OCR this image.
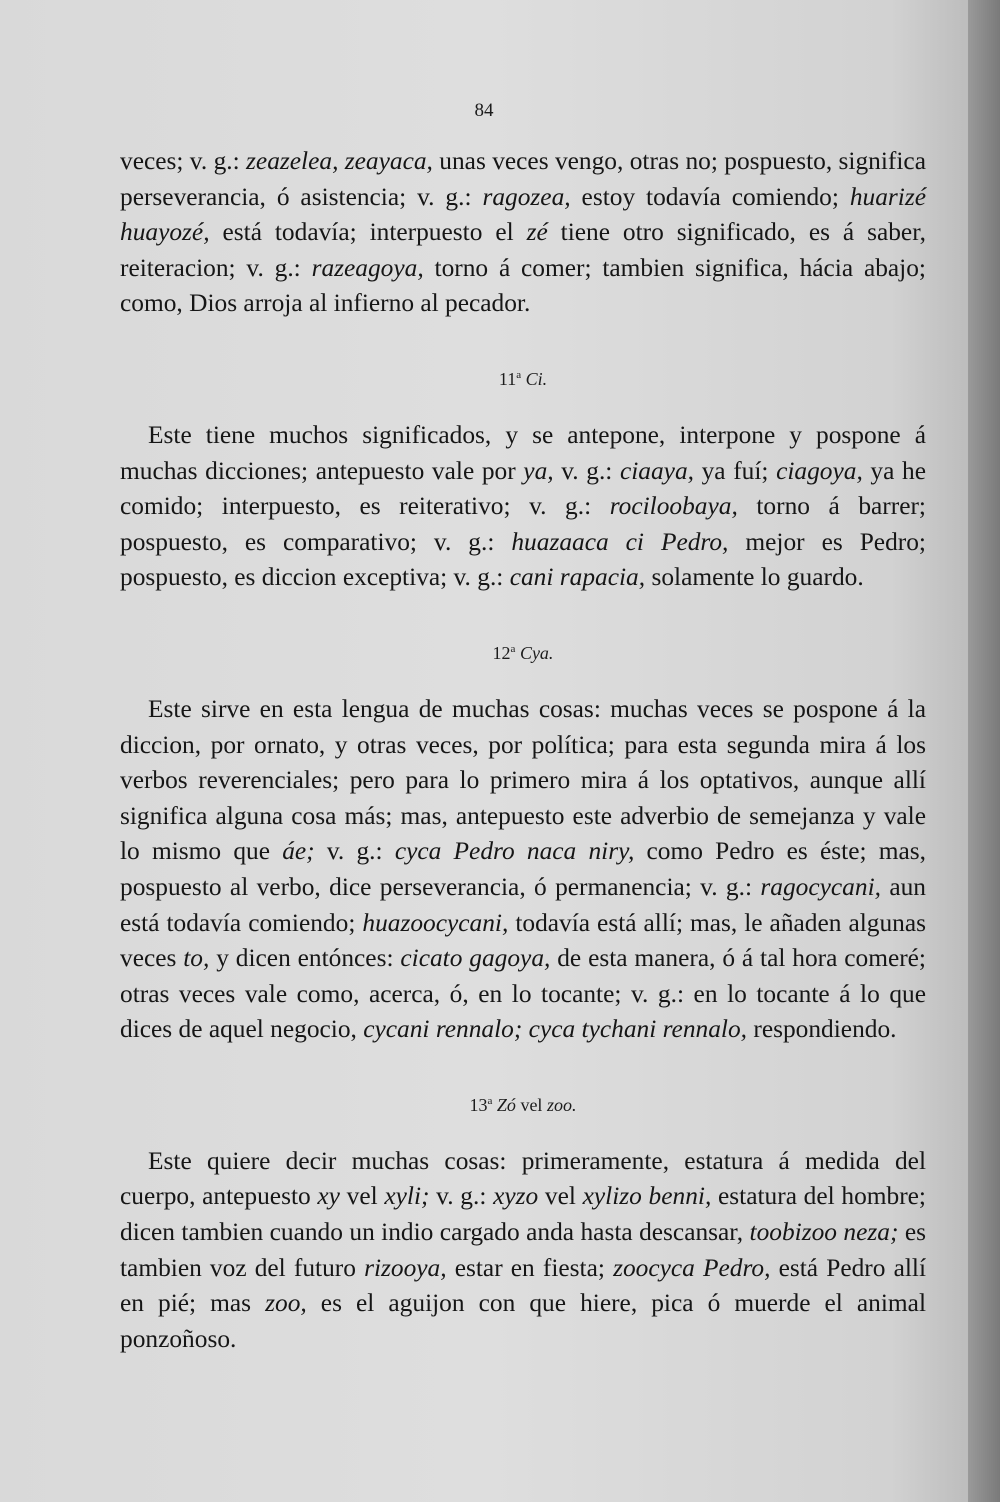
84

veces; v. g.: zeazelea, zeayaca, unas veces vengo, otras no; pospuesto, significa perseverancia, ó asistencia; v. g.: ragozea, estoy todavía comiendo; huarizé huayozé, está todavía; interpuesto el zé tiene otro significado, es á saber, reiteracion; v. g.: razeagoya, torno á comer; tambien significa, hácia abajo; como, Dios arroja al infierno al pecador.

11$^a$ Ci.

Este tiene muchos significados, y se antepone, interpone y pospone á muchas dicciones; antepuesto vale por ya, v. g.: ciaaya, ya fuí; ciagoya, ya he comido; interpuesto, es reiterativo; v. g.: rociloobaya, torno á barrer; pospuesto, es comparativo; v. g.: huazaaca ci Pedro, mejor es Pedro; pospuesto, es diccion exceptiva; v. g.: cani rapacia, solamente lo guardo.

12$^a$ Cya.

Este sirve en esta lengua de muchas cosas: muchas veces se pospone á la diccion, por ornato, y otras veces, por política; para esta segunda mira á los verbos reverenciales; pero para lo primero mira á los optativos, aunque allí significa alguna cosa más; mas, antepuesto este adverbio de semejanza y vale lo mismo que áe; v. g.: cyca Pedro naca niry, como Pedro es éste; mas, pospuesto al verbo, dice perseverancia, ó permanencia; v. g.: ragocycani, aun está todavía comiendo; huazoocycani, todavía está allí; mas, le añaden algunas veces to, y dicen entónces: cicato gagoya, de esta manera, ó á tal hora comeré; otras veces vale como, acerca, ó, en lo tocante; v. g.: en lo tocante á lo que dices de aquel negocio, cycani rennalo; cyca tychani rennalo, respondiendo.

13$^a$ Zó vel zoo.

Este quiere decir muchas cosas: primeramente, estatura á medida del cuerpo, antepuesto xy vel xyli; v. g.: xyzo vel xylizo benni, estatura del hombre; dicen tambien cuando un indio cargado anda hasta descansar, toobizoo neza; es tambien voz del futuro rizooya, estar en fiesta; zoocyca Pedro, está Pedro allí en pié; mas zoo, es el aguijon con que hiere, pica ó muerde el animal ponzoñoso.
